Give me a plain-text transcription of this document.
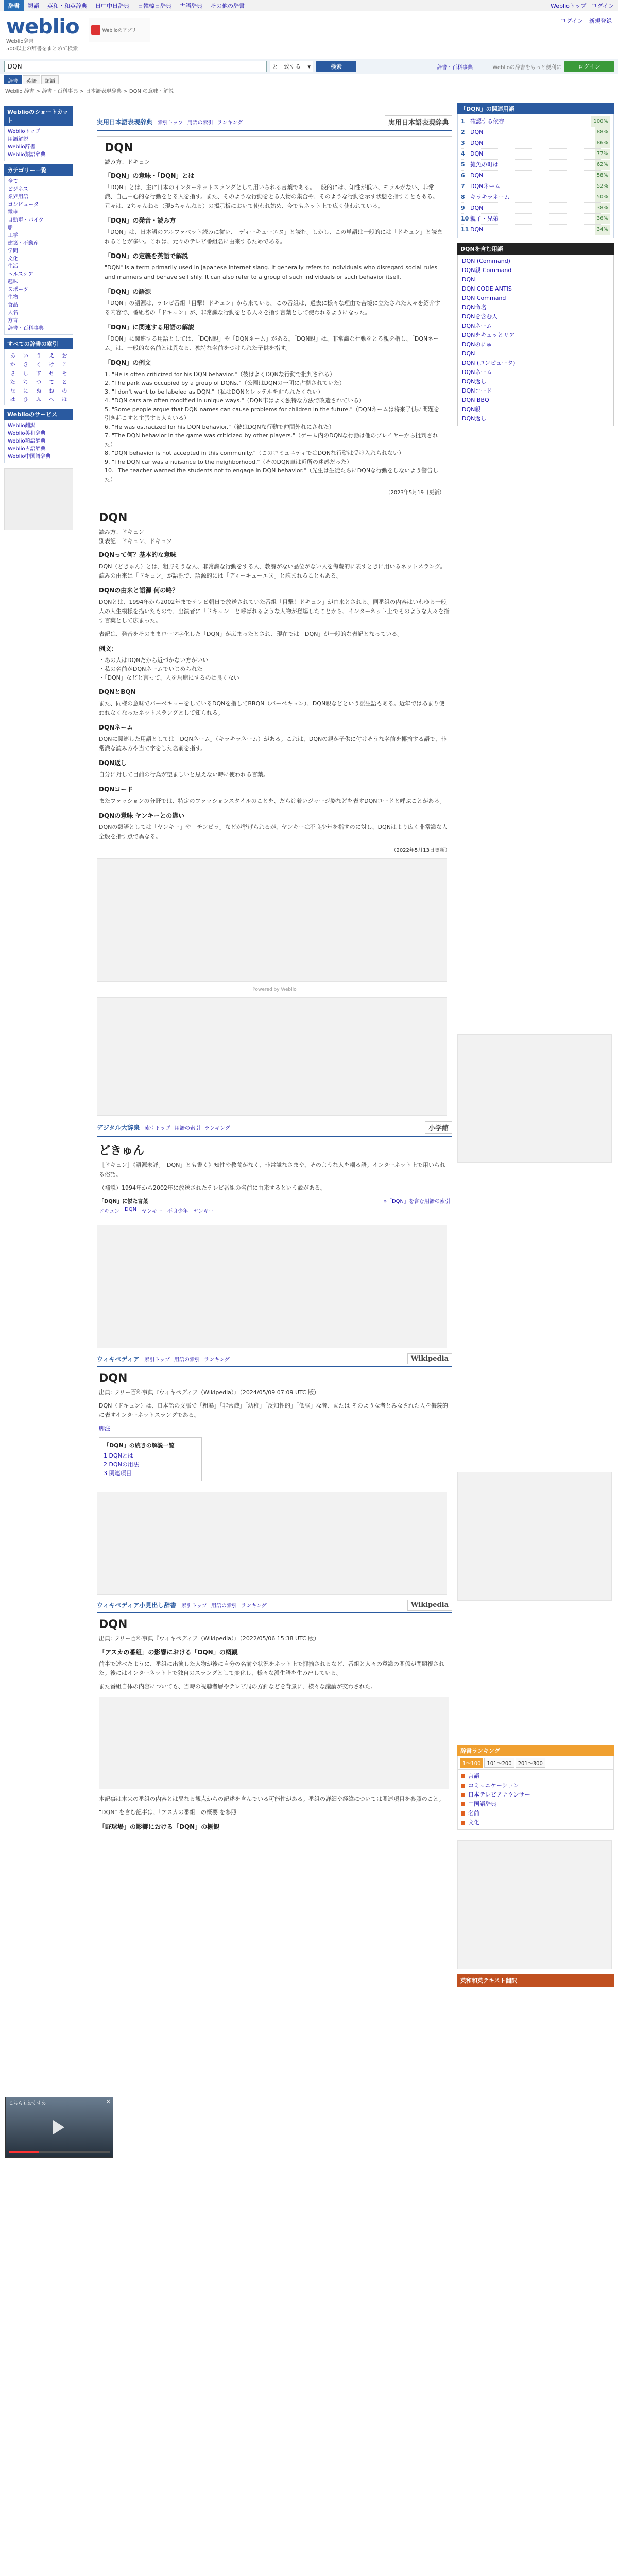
辞書	類語	英和・和英辞典	日中中日辞典	日韓韓日辞典	古語辞典	その他の辞書	Weblioトップ ログイン
weblio
Weblio辞書
500以上の辞書をまとめて検索
Weblioのアプリ
ログイン 新規登録
DQN	と一致する ▾	検索	辞書・百科事典	Weblioの辞書をもっと便利に	ログイン
辞書	英語	類語
Weblio 辞書 > 辞書・百科事典 > 日本語表現辞典 > DQN の意味・解説
Weblioのショートカット
Weblioトップ
用語解説
Weblio辞書
Weblio類語辞典
カテゴリー一覧
全て
ビジネス
業界用語
コンピュータ
電車
自動車・バイク
船
工学
建築・不動産
学問
文化
生活
ヘルスケア
趣味
スポーツ
生物
食品
人名
方言
辞書・百科事典
すべての辞書の索引
あ	い	う	え	お
か	き	く	け	こ
さ	し	す	せ	そ
た	ち	つ	て	と
な	に	ぬ	ね	の
は	ひ	ふ	へ	ほ
Weblioのサービス
Weblio翻訳
Weblio英和辞典
Weblio類語辞典
Weblio古語辞典
Weblio中国語辞典
実用日本語表現辞典 索引トップ 用語の索引 ランキング	実用日本語表現辞典
DQN
読み方：ドキュン
「DQN」の意味・「DQN」とは
「DQN」とは、主に日本のインターネットスラングとして用いられる言葉である。一般的には、知性が低い、モラルがない、非常識、自己中心的な行動をとる人を指す。また、そのような行動をとる人物の集合や、そのような行動を示す状態を指すこともある。元々は、2ちゃんねる（現5ちゃんねる）の掲示板において使われ始め、今でもネット上で広く使われている。
「DQN」の発音・読み方
「DQN」は、日本語のアルファベット読みに従い、「ディーキューエヌ」と読む。しかし、この単語は一般的には「ドキュン」と読まれることが多い。これは、元々のテレビ番組名に由来するためである。
「DQN」の定義を英語で解説
"DQN" is a term primarily used in Japanese internet slang. It generally refers to individuals who disregard social rules and manners and behave selfishly. It can also refer to a group of such individuals or such behavior itself.
「DQN」の語源
「DQN」の語源は、テレビ番組「目撃！ドキュン」から来ている。この番組は、過去に様々な理由で苦境に立たされた人々を紹介する内容で、番組名の「ドキュン」が、非常識な行動をとる人々を指す言葉として使われるようになった。
「DQN」に関連する用語の解説
「DQN」に関連する用語としては、「DQN親」や「DQNネーム」がある。「DQN親」は、非常識な行動をとる親を指し、「DQNネーム」は、一般的な名前とは異なる、独特な名前をつけられた子供を指す。
「DQN」の例文
1. "He is often criticized for his DQN behavior."（彼はよくDQNな行動で批判される）
2. "The park was occupied by a group of DQNs."（公園はDQNの一団に占拠されていた）
3. "I don't want to be labeled as DQN."（私はDQNとレッテルを貼られたくない）
4. "DQN cars are often modified in unique ways."（DQN車はよく独特な方法で改造されている）
5. "Some people argue that DQN names can cause problems for children in the future."（DQNネームは将来子供に問題を引き起こすと主張する人もいる）
6. "He was ostracized for his DQN behavior."（彼はDQNな行動で仲間外れにされた）
7. "The DQN behavior in the game was criticized by other players."（ゲーム内のDQNな行動は他のプレイヤーから批判された）
8. "DQN behavior is not accepted in this community."（このコミュニティではDQNな行動は受け入れられない）
9. "The DQN car was a nuisance to the neighborhood."（そのDQN車は近所の迷惑だった）
10. "The teacher warned the students not to engage in DQN behavior."（先生は生徒たちにDQNな行動をしないよう警告した）
（2023年5月19日更新）
DQN
読み方：ドキュン
別表記：ドキュン、ドキュソ
DQNって何？基本的な意味
DQN（どきゅん）とは、粗野そうな人、非常識な行動をする人、教養がない品位がない人を侮蔑的に表すときに用いるネットスラング。読みの由来は「ドキュン」が語源で、語源的には「ディーキューエヌ」と読まれることもある。
DQNの由来と語源 何の略？
DQNとは、1994年から2002年までテレビ朝日で放送されていた番組「目撃！ドキュン」が由来とされる。同番組の内容はいわゆる一般人の人生模様を描いたもので、出演者に「ドキュン」と呼ばれるような人物が登場したことから、インターネット上でそのような人々を指す言葉として広まった。
表記は、発音をそのままローマ字化した「DQN」が広まったとされ、現在では「DQN」が一般的な表記となっている。
例文：
・あの人はDQNだから近づかない方がいい
・私の名前がDQNネームでいじめられた
・「DQN」などと言って、人を馬鹿にするのは良くない
DQNとBQN
また、同様の意味でバーベキューをしているDQNを指してBBQN（バーベキュン）、DQN親などという派生語もある。近年ではあまり使われなくなったネットスラングとして知られる。
DQNネーム
DQNに関連した用語としては「DQNネーム」（キラキラネーム）がある。これは、DQNの親が子供に付けそうな名前を揶揄する語で、非常識な読み方や当て字をした名前を指す。
DQN返し
自分に対して目前の行為が望ましいと思えない時に使われる言葉。
DQNコード
またファッションの分野では、特定のファッションスタイルのことを、だらけ着いジャージ姿などを表すDQNコードと呼ぶことがある。
DQNの意味 ヤンキーとの違い
DQNの類語としては「ヤンキー」や「チンピラ」などが挙げられるが、ヤンキーは不良少年を指すのに対し、DQNはより広く非常識な人全般を指す点で異なる。
（2022年5月13日更新）
Powered by Weblio
デジタル大辞泉 索引トップ 用語の索引 ランキング	小学館
どきゅん
［ドキュン］《語源未詳。「DQN」とも書く》知性や教養がなく、非常識なさまや、そのような人を嘲る語。インターネット上で用いられる俗語。
（補説）1994年から2002年に放送されたテレビ番組の名前に由来するという説がある。
「DQN」に似た言葉	»「DQN」を含む用語の索引
ドキュン DQN ヤンキー 不良少年 ヤンキー
ウィキペディア 索引トップ 用語の索引 ランキング	Wikipedia
DQN
出典: フリー百科事典『ウィキペディア（Wikipedia）』（2024/05/09 07:09 UTC 版）
DQN（ドキュン）は、日本語の文脈で「粗暴」「非常識」「幼稚」「反知性的」「低脳」な者、または そのような者とみなされた人を侮蔑的に表すインターネットスラングである。
脚注
「DQN」の続きの解説一覧
1 DQNとは
2 DQNの用法
3 関連項目
ウィキペディア小見出し辞書 索引トップ 用語の索引 ランキング	Wikipedia
DQN
出典: フリー百科事典『ウィキペディア（Wikipedia）』（2022/05/06 15:38 UTC 版）
「アスカの番組」の影響における「DQN」の概観
前半で述べたように、番組に出演した人物が後に自分の名前や状況をネット上で揶揄されるなど、番組と人々の意識の関係が問題視された。後にはインターネット上で独自のスラングとして変化し、様々な派生語を生み出している。
また番組自体の内容についても、当時の視聴者層やテレビ局の方針などを背景に、様々な議論が交わされた。
本記事は本来の番組の内容とは異なる観点からの記述を含んでいる可能性がある。番組の詳細や経緯については関連項目を参照のこと。
"DQN" を含む記事は、「アスカの番組」の概要 を参照
「野球場」の影響における「DQN」の概観
「DQN」の関連用語
1 確認する依存	100%
2 DQN	88%
3 DQN	86%
4 DQN	77%
5 雑魚の町は	62%
6 DQN	58%
7 DQNネーム	52%
8 キラキラネーム	50%
9 DQN	38%
10 親子・兄弟	36%
11 DQN	34%
DQNを含む用語
DQN (Command)
DQN親 Command
DQN
DQN CODE ANTIS
DQN Command
DQN命名
DQNを含む人
DQNネーム
DQNをキュッとリア
DQNのにゅ
DQN
DQN (コンピュータ)
DQNネーム
DQN返し
DQNコード
DQN BBQ
DQN親
DQN返し
辞書ランキング
1〜100	101〜200	201〜300
言語
コミュニケーション
日本テレビアナウンサー
中国語辞典
名前
文化
英和和英テキスト翻訳
こちらもおすすめ	✕
